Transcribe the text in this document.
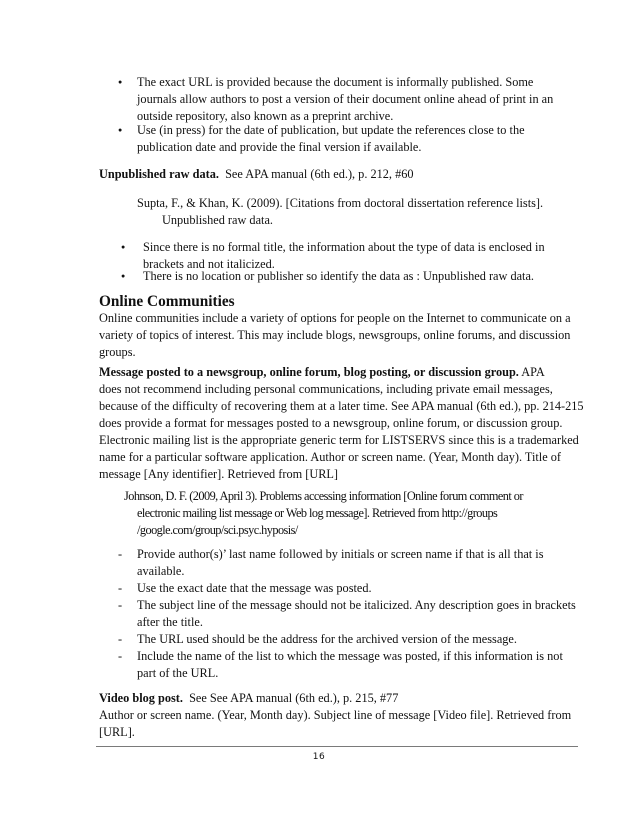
●
The exact URL is provided because the document is informally published. Some
journals allow authors to post a version of their document online ahead of print in an
outside repository, also known as a preprint archive.
●
Use (in press) for the date of publication, but update the references close to the
publication date and provide the final version if available.
Unpublished raw data. See APA manual (6th ed.), p. 212, #60
Supta, F., & Khan, K. (2009). [Citations from doctoral dissertation reference lists].
Unpublished raw data.
●
Since there is no formal title, the information about the type of data is enclosed in
brackets and not italicized.
●
There is no location or publisher so identify the data as : Unpublished raw data.
Online Communities
Online communities include a variety of options for people on the Internet to communicate on a
variety of topics of interest. This may include blogs, newsgroups, online forums, and discussion
groups.
Message posted to a newsgroup, online forum, blog posting, or discussion group. APA
does not recommend including personal communications, including private email messages,
because of the difficulty of recovering them at a later time. See APA manual (6th ed.), pp. 214-215
does provide a format for messages posted to a newsgroup, online forum, or discussion group.
Electronic mailing list is the appropriate generic term for LISTSERVS since this is a trademarked
name for a particular software application. Author or screen name. (Year, Month day). Title of
message [Any identifier]. Retrieved from [URL]
Johnson, D. F. (2009, April 3). Problems accessing information [Online forum comment or
electronic mailing list message or Web log message]. Retrieved from http://groups
/google.com/group/sci.psyc.hyposis/
- Provide author(s)’ last name followed by initials or screen name if that is all that is
available.
- Use the exact date that the message was posted.
- The subject line of the message should not be italicized. Any description goes in brackets
after the title.
- The URL used should be the address for the archived version of the message.
- Include the name of the list to which the message was posted, if this information is not
part of the URL.
Video blog post. See See APA manual (6th ed.), p. 215, #77
Author or screen name. (Year, Month day). Subject line of message [Video file]. Retrieved from
[URL].
16
